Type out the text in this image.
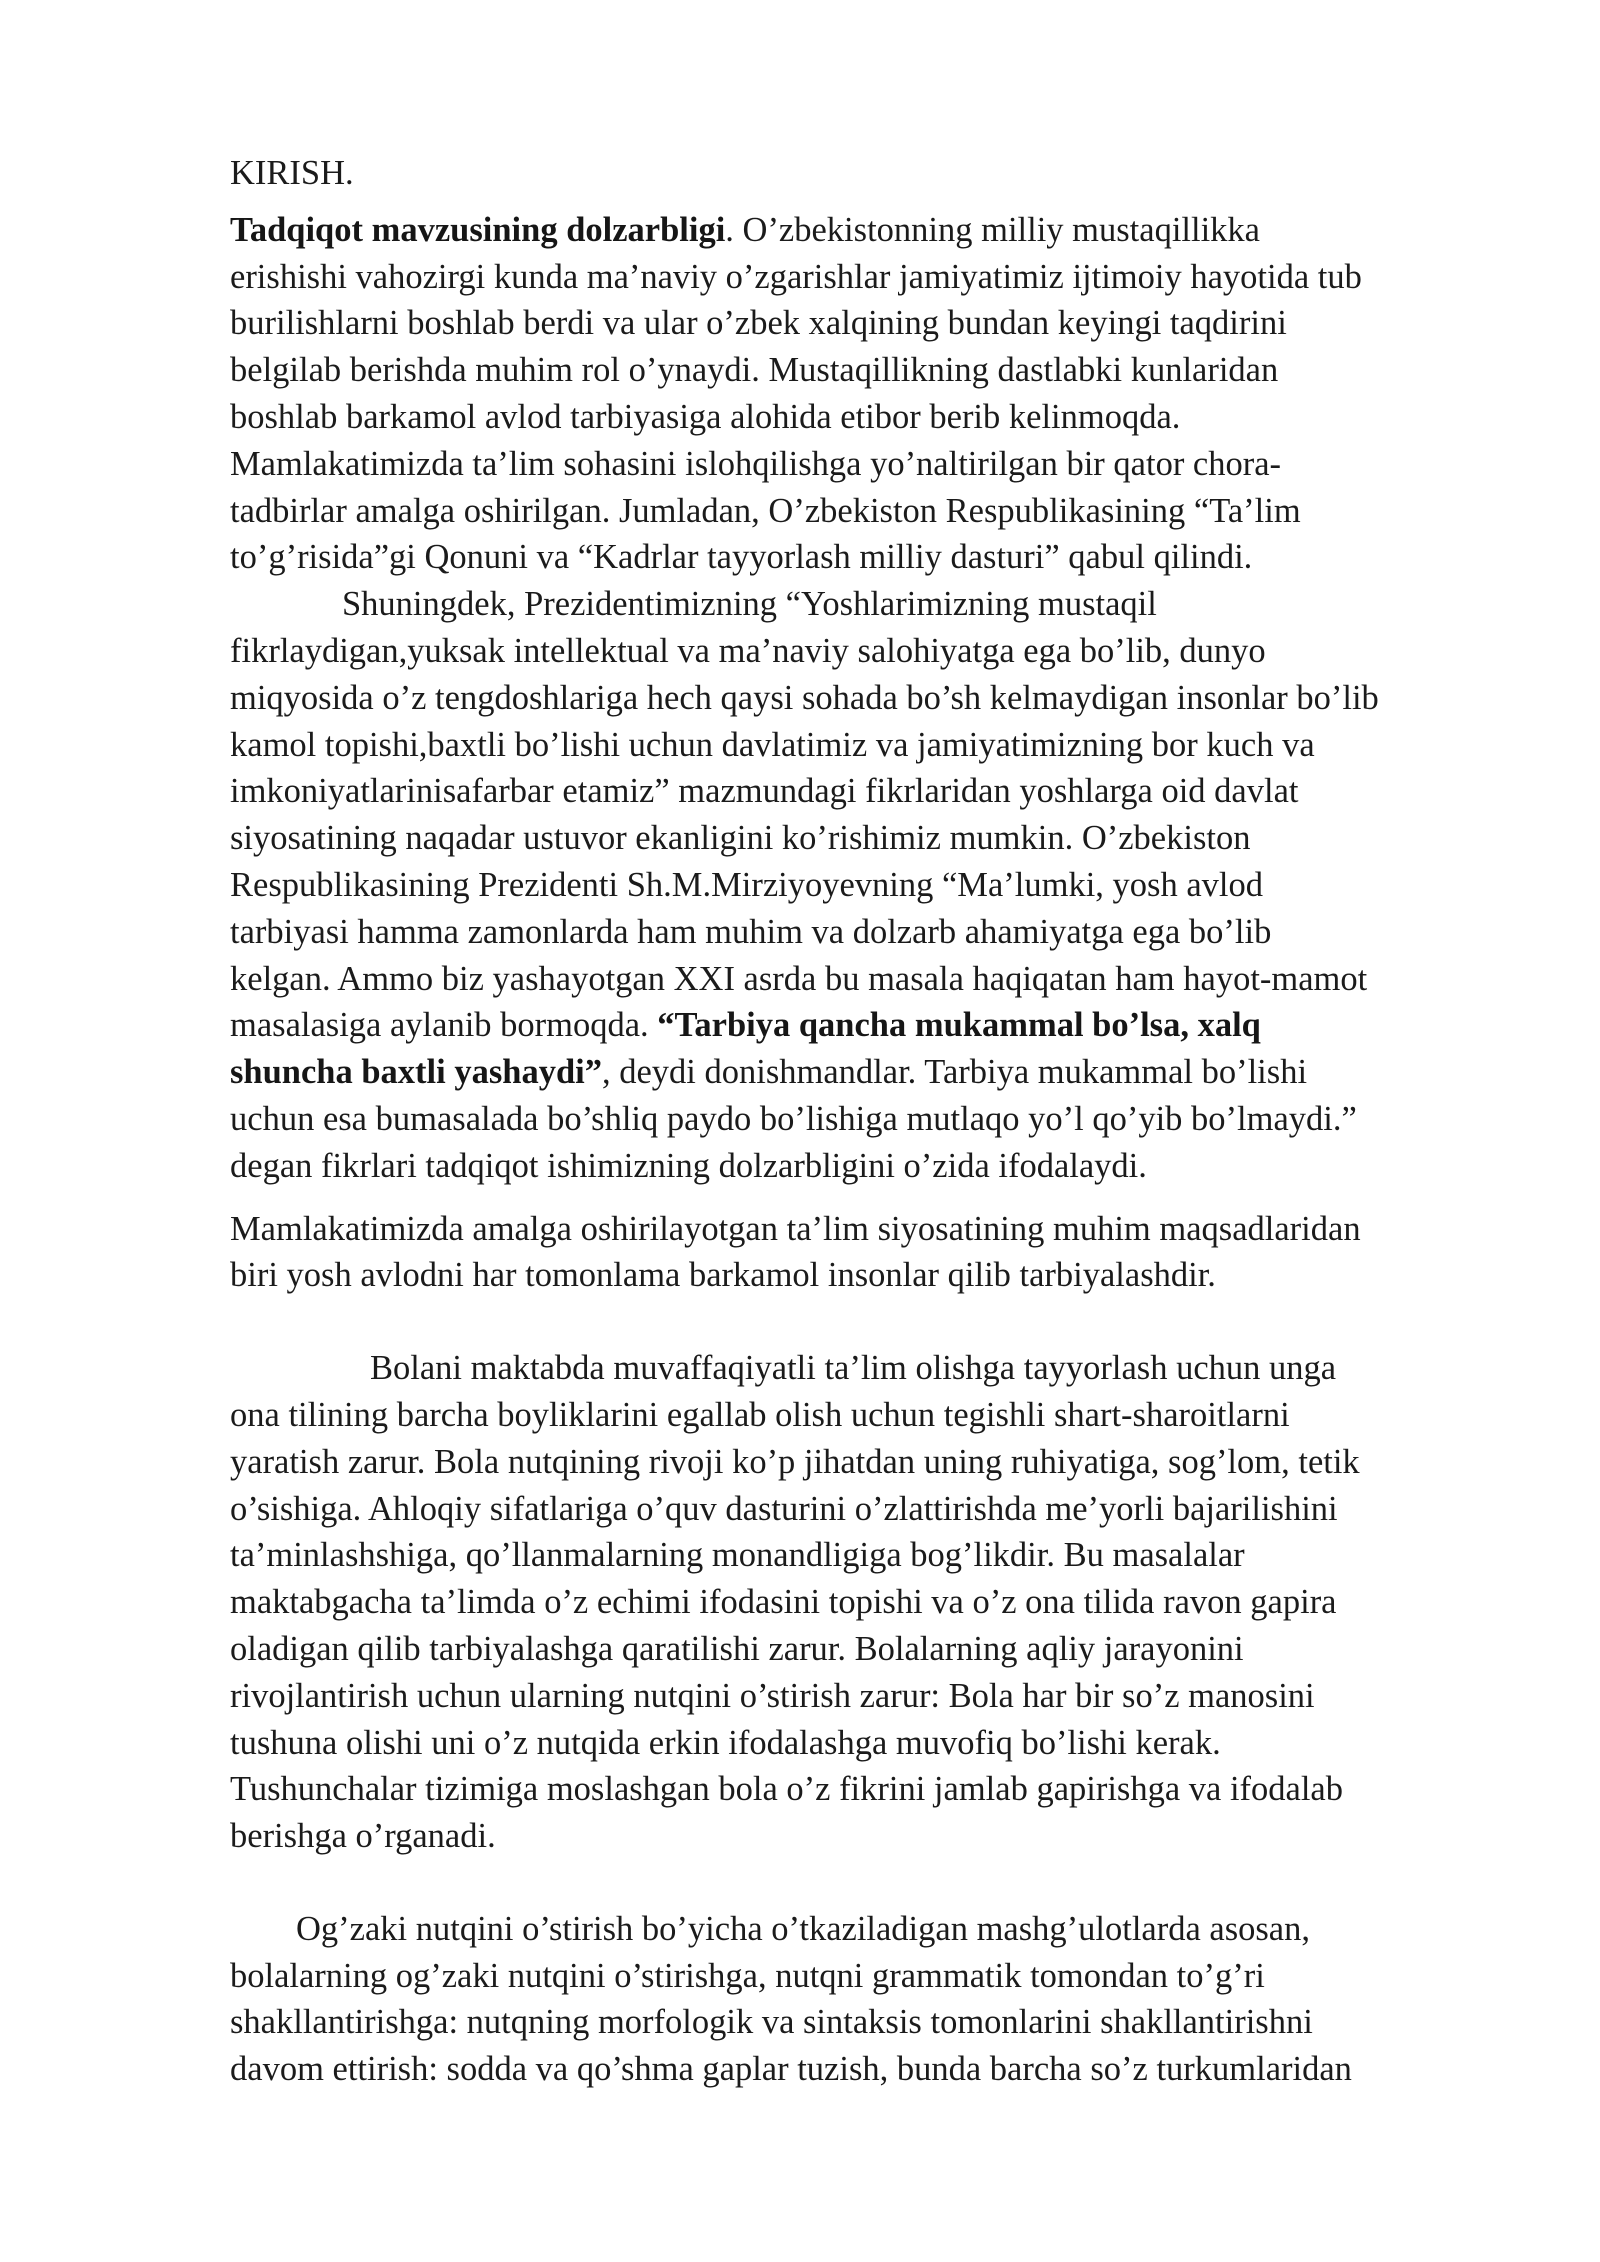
KIRISH.
Tadqiqot mavzusining dolzarbligi. O’zbekistonning milliy mustaqillikka
erishishi vahozirgi kunda ma’naviy o’zgarishlar jamiyatimiz ijtimoiy hayotida tub
burilishlarni boshlab berdi va ular o’zbek xalqining bundan keyingi taqdirini
belgilab berishda muhim rol o’ynaydi. Mustaqillikning dastlabki kunlaridan
boshlab barkamol avlod tarbiyasiga alohida etibor berib kelinmoqda.
Mamlakatimizda ta’lim sohasini islohqilishga yo’naltirilgan bir qator chora-
tadbirlar amalga oshirilgan. Jumladan, O’zbekiston Respublikasining “Ta’lim
to’g’risida”gi Qonuni va “Kadrlar tayyorlash milliy dasturi” qabul qilindi.
Shuningdek, Prezidentimizning “Yoshlarimizning mustaqil
fikrlaydigan,yuksak intellektual va ma’naviy salohiyatga ega bo’lib, dunyo
miqyosida o’z tengdoshlariga hech qaysi sohada bo’sh kelmaydigan insonlar bo’lib
kamol topishi,baxtli bo’lishi uchun davlatimiz va jamiyatimizning bor kuch va
imkoniyatlarinisafarbar etamiz” mazmundagi fikrlaridan yoshlarga oid davlat
siyosatining naqadar ustuvor ekanligini ko’rishimiz mumkin. O’zbekiston
Respublikasining Prezidenti Sh.M.Mirziyoyevning “Ma’lumki, yosh avlod
tarbiyasi hamma zamonlarda ham muhim va dolzarb ahamiyatga ega bo’lib
kelgan. Ammo biz yashayotgan XXI asrda bu masala haqiqatan ham hayot-mamot
masalasiga aylanib bormoqda. “Tarbiya qancha mukammal bo’lsa, xalq
shuncha baxtli yashaydi”, deydi donishmandlar. Tarbiya mukammal bo’lishi
uchun esa bumasalada bo’shliq paydo bo’lishiga mutlaqo yo’l qo’yib bo’lmaydi.”
degan fikrlari tadqiqot ishimizning dolzarbligini o’zida ifodalaydi.
Mamlakatimizda amalga oshirilayotgan ta’lim siyosatining muhim maqsadlaridan
biri yosh avlodni har tomonlama barkamol insonlar qilib tarbiyalashdir.
Bolani maktabda muvaffaqiyatli ta’lim olishga tayyorlash uchun unga
ona tilining barcha boyliklarini egallab olish uchun tegishli shart-sharoitlarni
yaratish zarur. Bola nutqining rivoji ko’p jihatdan uning ruhiyatiga, sog’lom, tetik
o’sishiga. Ahloqiy sifatlariga o’quv dasturini o’zlattirishda me’yorli bajarilishini
ta’minlashshiga, qo’llanmalarning monandligiga bog’likdir. Bu masalalar
maktabgacha ta’limda o’z echimi ifodasini topishi va o’z ona tilida ravon gapira
oladigan qilib tarbiyalashga qaratilishi zarur. Bolalarning aqliy jarayonini
rivojlantirish uchun ularning nutqini o’stirish zarur: Bola har bir so’z manosini
tushuna olishi uni o’z nutqida erkin ifodalashga muvofiq bo’lishi kerak.
Tushunchalar tizimiga moslashgan bola o’z fikrini jamlab gapirishga va ifodalab
berishga o’rganadi.
Og’zaki nutqini o’stirish bo’yicha o’tkaziladigan mashg’ulotlarda asosan,
bolalarning og’zaki nutqini o’stirishga, nutqni grammatik tomondan to’g’ri
shakllantirishga: nutqning morfologik va sintaksis tomonlarini shakllantirishni
davom ettirish: sodda va qo’shma gaplar tuzish, bunda barcha so’z turkumlaridan
